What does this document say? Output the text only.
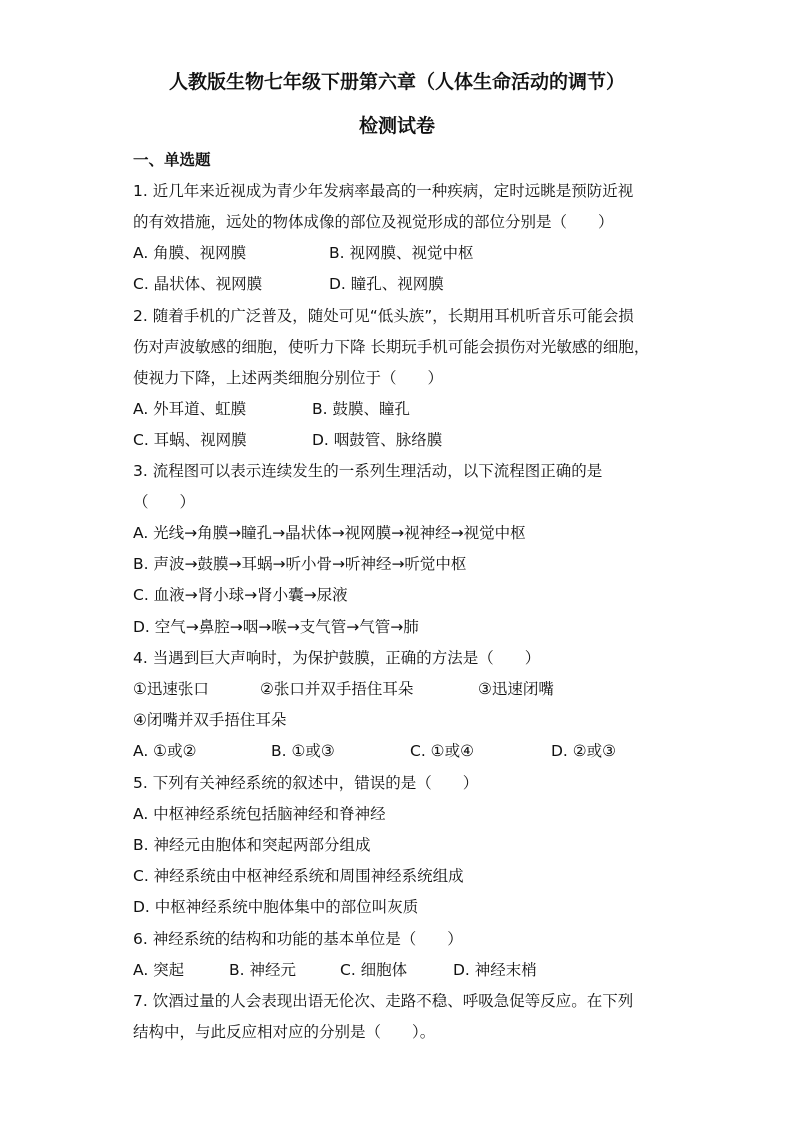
人教版生物七年级下册第六章（人体生命活动的调节）
检测试卷
一、单选题
1. 近几年来近视成为青少年发病率最高的一种疾病，定时远眺是预防近视
的有效措施，远处的物体成像的部位及视觉形成的部位分别是（　　）
A. 角膜、视网膜	B. 视网膜、视觉中枢
C. 晶状体、视网膜	D. 瞳孔、视网膜
2. 随着手机的广泛普及，随处可见“低头族”，长期用耳机听音乐可能会损
伤对声波敏感的细胞，使听力下降 长期玩手机可能会损伤对光敏感的细胞，
使视力下降，上述两类细胞分别位于（　　）
A. 外耳道、虹膜	B. 鼓膜、瞳孔
C. 耳蜗、视网膜	D. 咽鼓管、脉络膜
3. 流程图可以表示连续发生的一系列生理活动，以下流程图正确的是
（　　）
A. 光线→角膜→瞳孔→晶状体→视网膜→视神经→视觉中枢
B. 声波→鼓膜→耳蜗→听小骨→听神经→听觉中枢
C. 血液→肾小球→肾小囊→尿液
D. 空气→鼻腔→咽→喉→支气管→气管→肺
4. 当遇到巨大声响时，为保护鼓膜，正确的方法是（　　）
①迅速张口	②张口并双手捂住耳朵	③迅速闭嘴
④闭嘴并双手捂住耳朵
A. ①或②	B. ①或③	C. ①或④	D. ②或③
5. 下列有关神经系统的叙述中，错误的是（　　）
A. 中枢神经系统包括脑神经和脊神经
B. 神经元由胞体和突起两部分组成
C. 神经系统由中枢神经系统和周围神经系统组成
D. 中枢神经系统中胞体集中的部位叫灰质
6. 神经系统的结构和功能的基本单位是（　　）
A. 突起	B. 神经元	C. 细胞体	D. 神经末梢
7. 饮酒过量的人会表现出语无伦次、走路不稳、呼吸急促等反应。在下列
结构中，与此反应相对应的分别是（　　）。
